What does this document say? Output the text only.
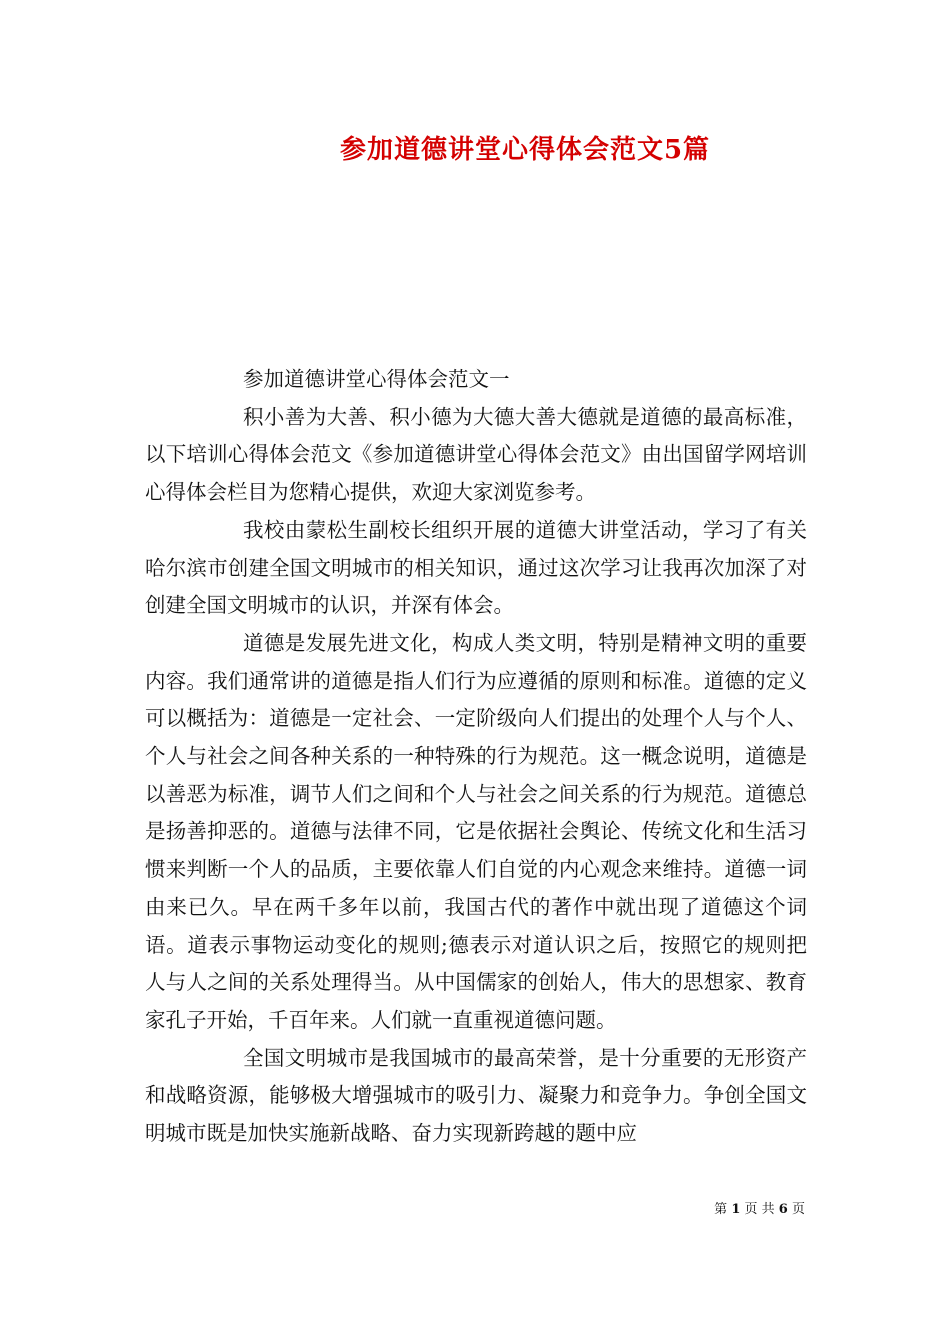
参加道德讲堂心得体会范文5篇

参加道德讲堂心得体会范文一

积小善为大善、积小德为大德大善大德就是道德的最高标准，以下培训心得体会范文《参加道德讲堂心得体会范文》由出国留学网培训心得体会栏目为您精心提供，欢迎大家浏览参考。

我校由蒙松生副校长组织开展的道德大讲堂活动，学习了有关哈尔滨市创建全国文明城市的相关知识，通过这次学习让我再次加深了对创建全国文明城市的认识，并深有体会。

道德是发展先进文化，构成人类文明，特别是精神文明的重要内容。我们通常讲的道德是指人们行为应遵循的原则和标准。道德的定义可以概括为：道德是一定社会、一定阶级向人们提出的处理个人与个人、个人与社会之间各种关系的一种特殊的行为规范。这一概念说明，道德是以善恶为标准，调节人们之间和个人与社会之间关系的行为规范。道德总是扬善抑恶的。道德与法律不同，它是依据社会舆论、传统文化和生活习惯来判断一个人的品质，主要依靠人们自觉的内心观念来维持。道德一词由来已久。早在两千多年以前，我国古代的著作中就出现了道德这个词语。道表示事物运动变化的规则;德表示对道认识之后，按照它的规则把人与人之间的关系处理得当。从中国儒家的创始人，伟大的思想家、教育家孔子开始，千百年来。人们就一直重视道德问题。

全国文明城市是我国城市的最高荣誉，是十分重要的无形资产和战略资源，能够极大增强城市的吸引力、凝聚力和竞争力。争创全国文明城市既是加快实施新战略、奋力实现新跨越的题中应

第 1 页 共 6 页
